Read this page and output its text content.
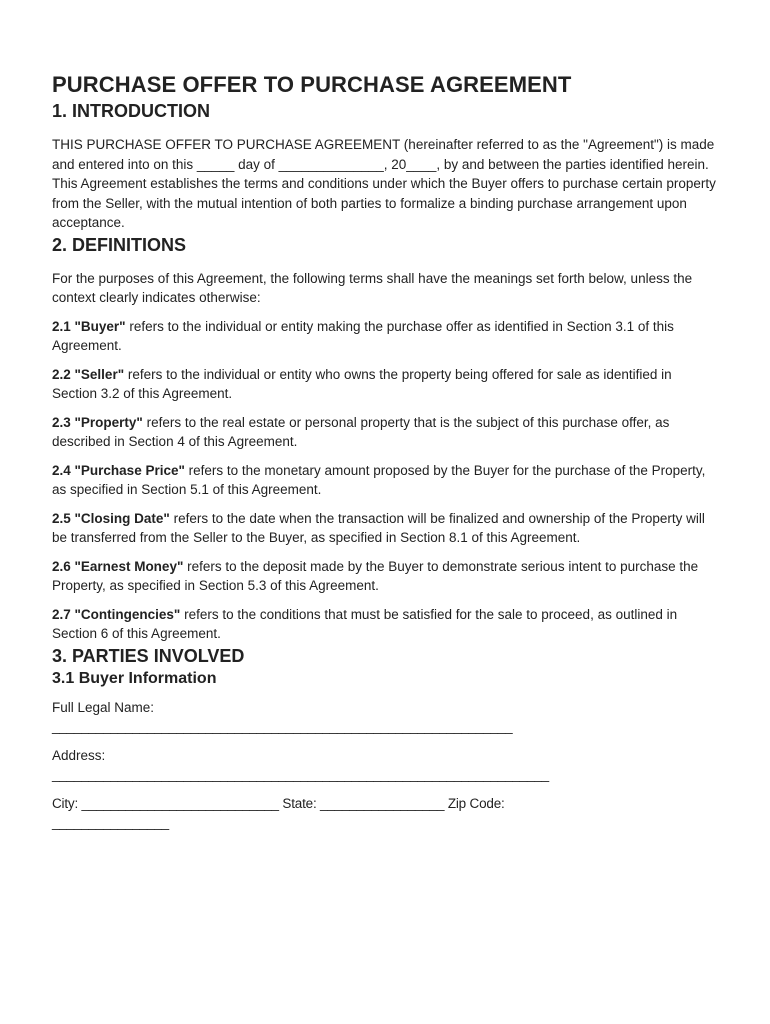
PURCHASE OFFER TO PURCHASE AGREEMENT
1. INTRODUCTION

THIS PURCHASE OFFER TO PURCHASE AGREEMENT (hereinafter referred to as the "Agreement") is made and entered into on this _____ day of ______________, 20____, by and between the parties identified herein. This Agreement establishes the terms and conditions under which the Buyer offers to purchase certain property from the Seller, with the mutual intention of both parties to formalize a binding purchase arrangement upon acceptance.

2. DEFINITIONS

For the purposes of this Agreement, the following terms shall have the meanings set forth below, unless the context clearly indicates otherwise:

2.1 "Buyer" refers to the individual or entity making the purchase offer as identified in Section 3.1 of this Agreement.

2.2 "Seller" refers to the individual or entity who owns the property being offered for sale as identified in Section 3.2 of this Agreement.

2.3 "Property" refers to the real estate or personal property that is the subject of this purchase offer, as described in Section 4 of this Agreement.

2.4 "Purchase Price" refers to the monetary amount proposed by the Buyer for the purchase of the Property, as specified in Section 5.1 of this Agreement.

2.5 "Closing Date" refers to the date when the transaction will be finalized and ownership of the Property will be transferred from the Seller to the Buyer, as specified in Section 8.1 of this Agreement.

2.6 "Earnest Money" refers to the deposit made by the Buyer to demonstrate serious intent to purchase the Property, as specified in Section 5.3 of this Agreement.

2.7 "Contingencies" refers to the conditions that must be satisfied for the sale to proceed, as outlined in Section 6 of this Agreement.

3. PARTIES INVOLVED
3.1 Buyer Information

Full Legal Name:

_______________________________________________________________

Address:

____________________________________________________________________

City: ___________________________ State: _________________ Zip Code:

________________
